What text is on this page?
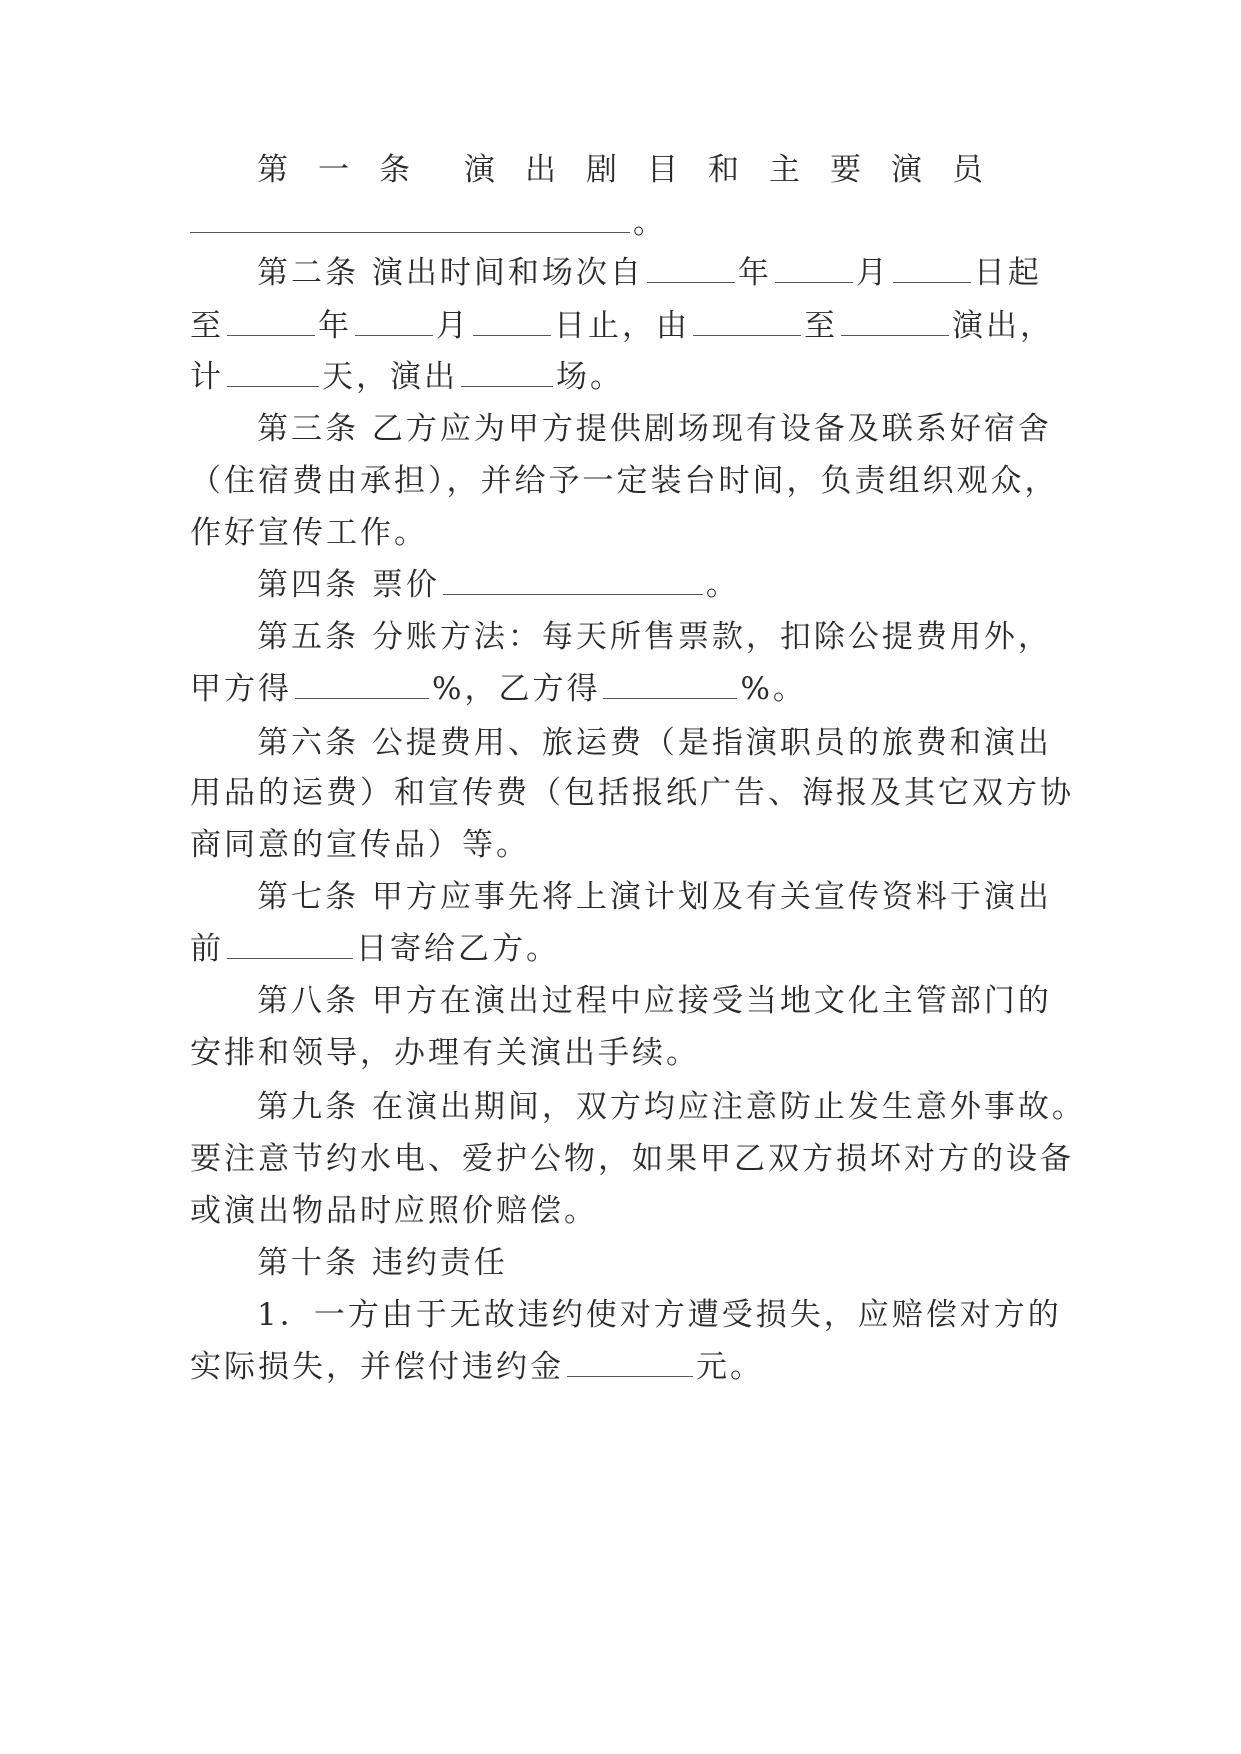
第一条 演出剧目和主要演员
。
第二条 演出时间和场次自	年	月	日起
至	年	月	日止，由	至	演出，
计	天，演出	场。
第三条 乙方应为甲方提供剧场现有设备及联系好宿舍
（住宿费由承担），并给予一定装台时间，负责组织观众，
作好宣传工作。
第四条 票价	。
第五条 分账方法：每天所售票款，扣除公提费用外，
甲方得	%，乙方得	%。
第六条 公提费用、旅运费（是指演职员的旅费和演出
用品的运费）和宣传费（包括报纸广告、海报及其它双方协
商同意的宣传品）等。
第七条 甲方应事先将上演计划及有关宣传资料于演出
前	日寄给乙方。
第八条 甲方在演出过程中应接受当地文化主管部门的
安排和领导，办理有关演出手续。
第九条 在演出期间，双方均应注意防止发生意外事故。
要注意节约水电、爱护公物，如果甲乙双方损坏对方的设备
或演出物品时应照价赔偿。
第十条 违约责任
1．一方由于无故违约使对方遭受损失，应赔偿对方的
实际损失，并偿付违约金	元。
